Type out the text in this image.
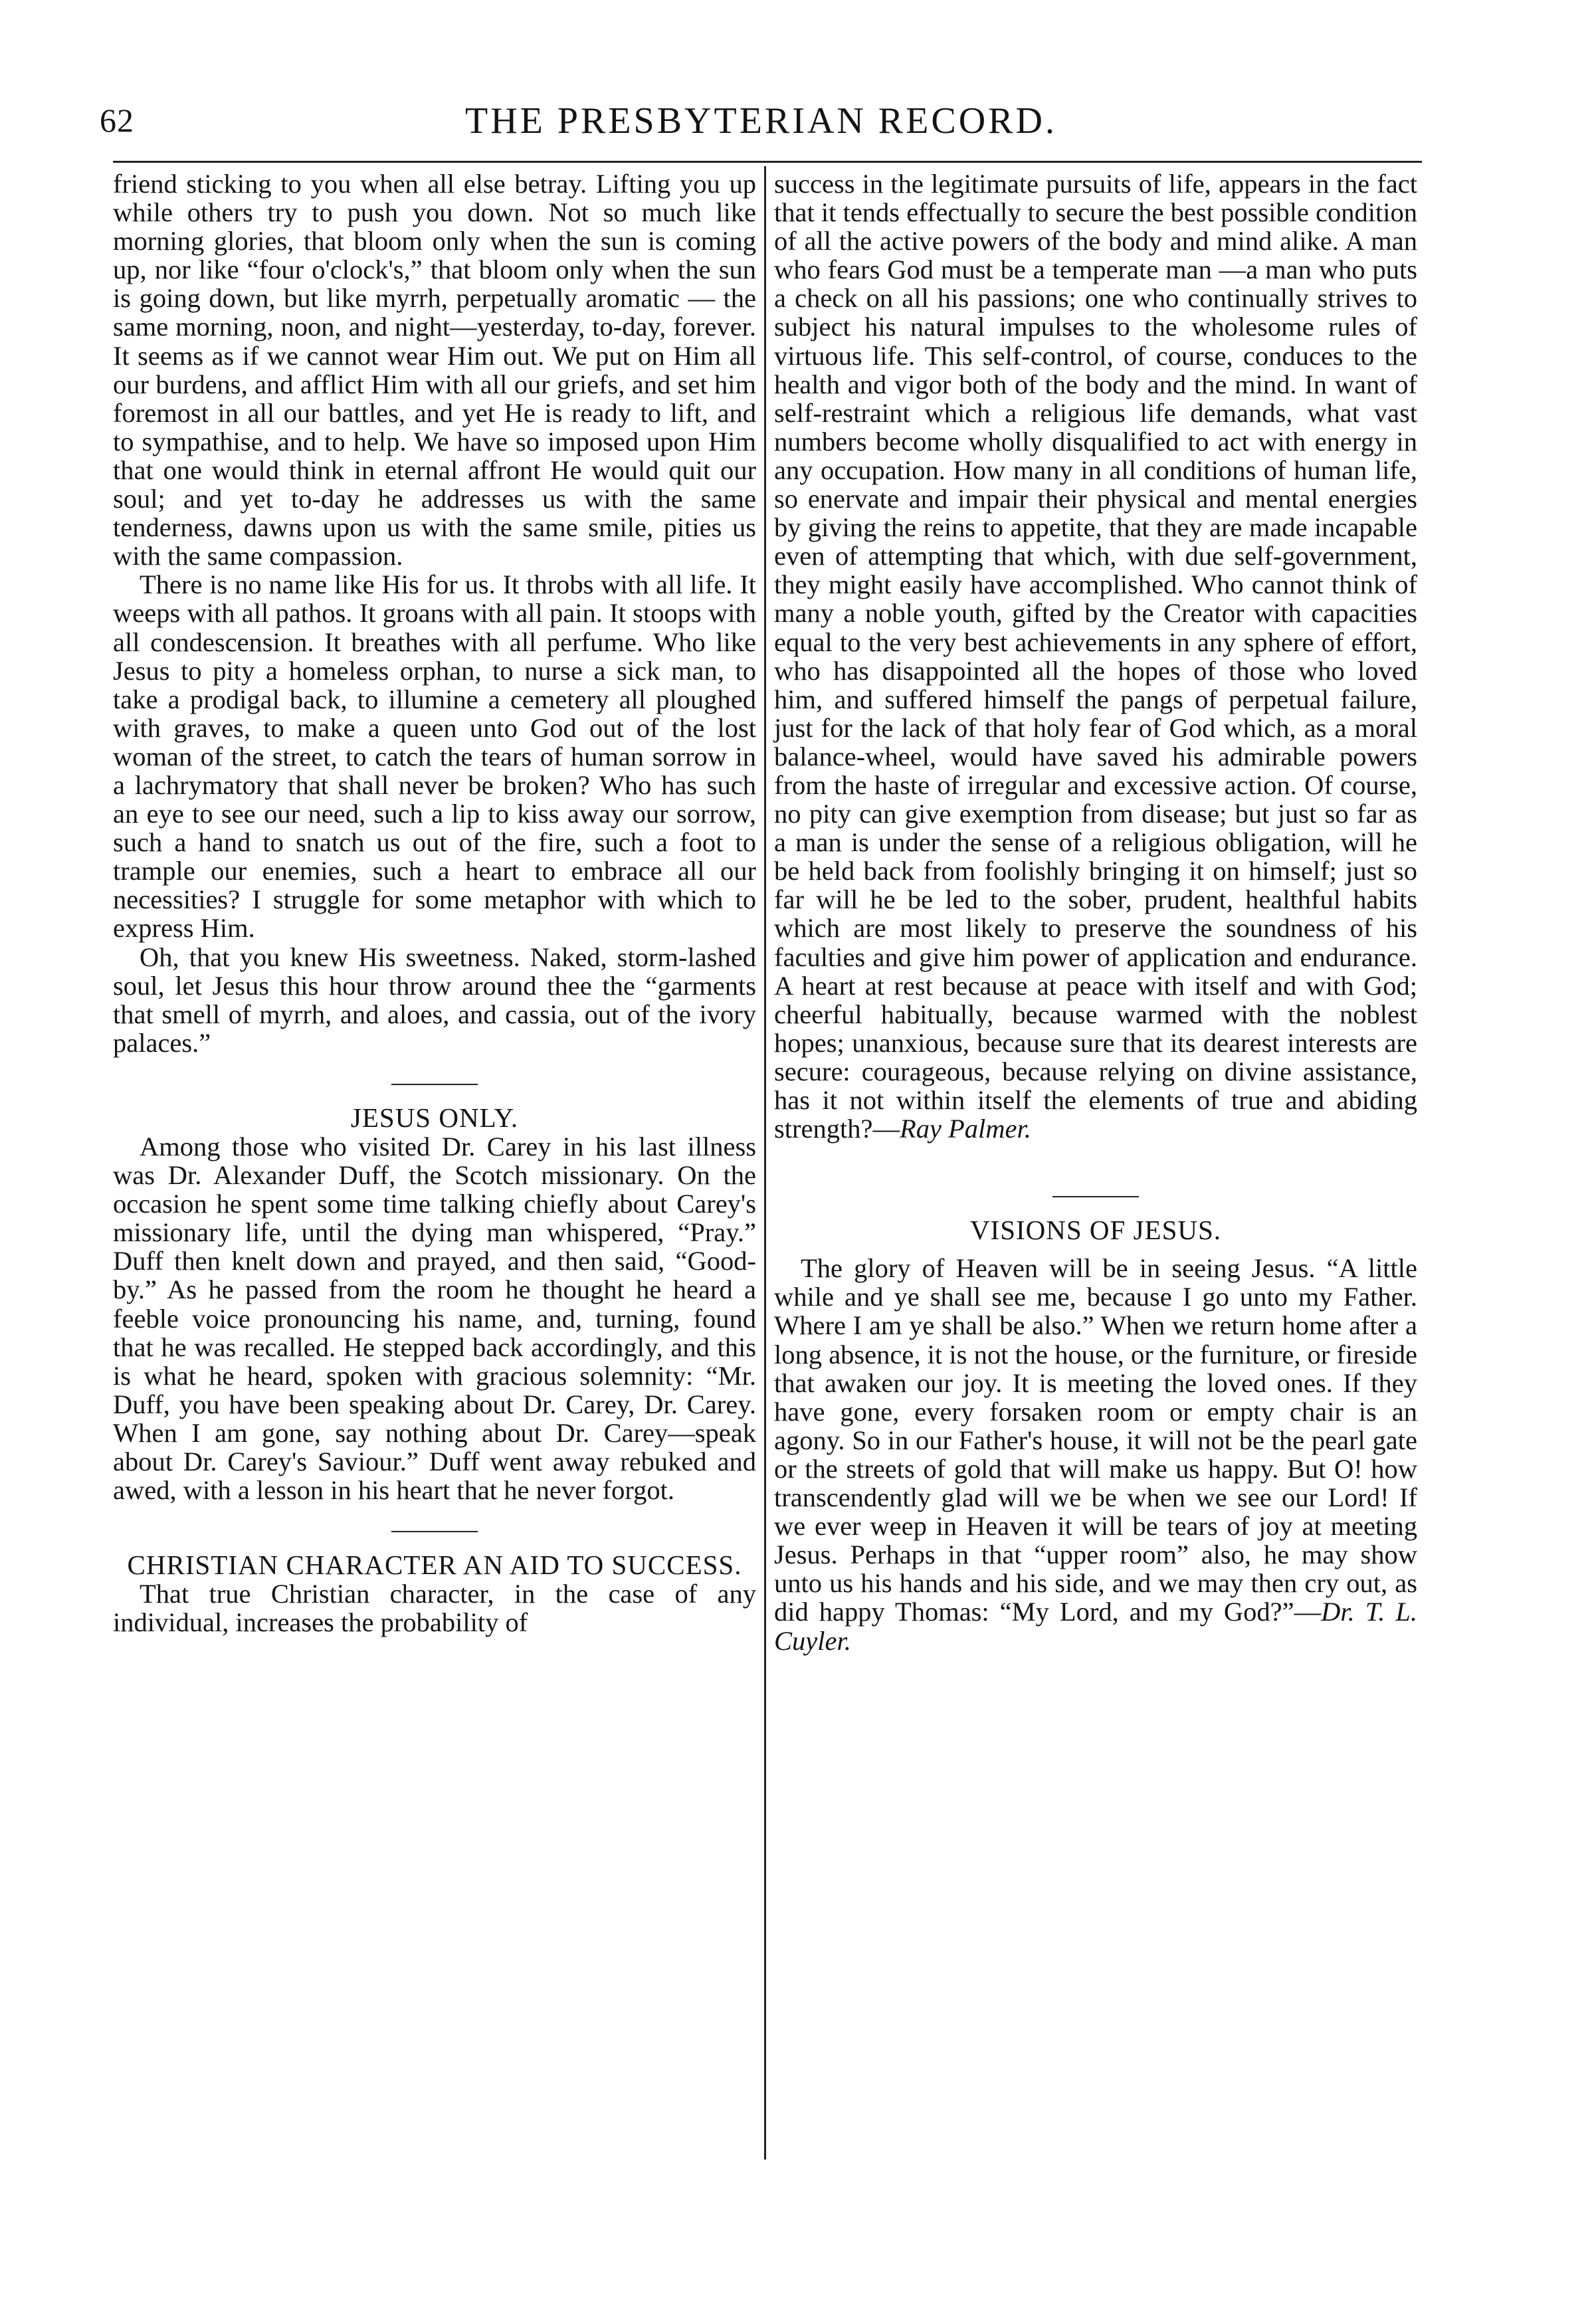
62	THE PRESBYTERIAN RECORD.

friend sticking to you when all else betray. Lifting you up while others try to push you down. Not so much like morning glories, that bloom only when the sun is coming up, nor like “four o'clock's,” that bloom only when the sun is going down, but like myrrh, perpetually aromatic — the same morning, noon, and night—yesterday, to-day, forever. It seems as if we cannot wear Him out. We put on Him all our burdens, and afflict Him with all our griefs, and set him foremost in all our battles, and yet He is ready to lift, and to sympathise, and to help. We have so imposed upon Him that one would think in eternal affront He would quit our soul; and yet to-day he addresses us with the same tenderness, dawns upon us with the same smile, pities us with the same compassion.

There is no name like His for us. It throbs with all life. It weeps with all pathos. It groans with all pain. It stoops with all condescension. It breathes with all perfume. Who like Jesus to pity a homeless orphan, to nurse a sick man, to take a prodigal back, to illumine a cemetery all ploughed with graves, to make a queen unto God out of the lost woman of the street, to catch the tears of human sorrow in a lachrymatory that shall never be broken? Who has such an eye to see our need, such a lip to kiss away our sorrow, such a hand to snatch us out of the fire, such a foot to trample our enemies, such a heart to embrace all our necessities? I struggle for some metaphor with which to express Him.

Oh, that you knew His sweetness. Naked, storm-lashed soul, let Jesus this hour throw around thee the “garments that smell of myrrh, and aloes, and cassia, out of the ivory palaces.”

JESUS ONLY.

Among those who visited Dr. Carey in his last illness was Dr. Alexander Duff, the Scotch missionary. On the occasion he spent some time talking chiefly about Carey's missionary life, until the dying man whispered, “Pray.” Duff then knelt down and prayed, and then said, “Good-by.” As he passed from the room he thought he heard a feeble voice pronouncing his name, and, turning, found that he was recalled. He stepped back accordingly, and this is what he heard, spoken with gracious solemnity: “Mr. Duff, you have been speaking about Dr. Carey, Dr. Carey. When I am gone, say nothing about Dr. Carey—speak about Dr. Carey's Saviour.” Duff went away rebuked and awed, with a lesson in his heart that he never forgot.

CHRISTIAN CHARACTER AN AID TO SUCCESS.

That true Christian character, in the case of any individual, increases the probability of

success in the legitimate pursuits of life, appears in the fact that it tends effectually to secure the best possible condition of all the active powers of the body and mind alike. A man who fears God must be a temperate man —a man who puts a check on all his passions; one who continually strives to subject his natural impulses to the wholesome rules of virtuous life. This self-control, of course, conduces to the health and vigor both of the body and the mind. In want of self-restraint which a religious life demands, what vast numbers become wholly disqualified to act with energy in any occupation. How many in all conditions of human life, so enervate and impair their physical and mental energies by giving the reins to appetite, that they are made incapable even of attempting that which, with due self-government, they might easily have accomplished. Who cannot think of many a noble youth, gifted by the Creator with capacities equal to the very best achievements in any sphere of effort, who has disappointed all the hopes of those who loved him, and suffered himself the pangs of perpetual failure, just for the lack of that holy fear of God which, as a moral balance-wheel, would have saved his admirable powers from the haste of irregular and excessive action. Of course, no pity can give exemption from disease; but just so far as a man is under the sense of a religious obligation, will he be held back from foolishly bringing it on himself; just so far will he be led to the sober, prudent, healthful habits which are most likely to preserve the soundness of his faculties and give him power of application and endurance. A heart at rest because at peace with itself and with God; cheerful habitually, because warmed with the noblest hopes; unanxious, because sure that its dearest interests are secure: courageous, because relying on divine assistance, has it not within itself the elements of true and abiding strength?—Ray Palmer.

VISIONS OF JESUS.

The glory of Heaven will be in seeing Jesus. “A little while and ye shall see me, because I go unto my Father. Where I am ye shall be also.” When we return home after a long absence, it is not the house, or the furniture, or fireside that awaken our joy. It is meeting the loved ones. If they have gone, every forsaken room or empty chair is an agony. So in our Father's house, it will not be the pearl gate or the streets of gold that will make us happy. But O! how transcendently glad will we be when we see our Lord! If we ever weep in Heaven it will be tears of joy at meeting Jesus. Perhaps in that “upper room” also, he may show unto us his hands and his side, and we may then cry out, as did happy Thomas: “My Lord, and my God?”—Dr. T. L. Cuyler.
